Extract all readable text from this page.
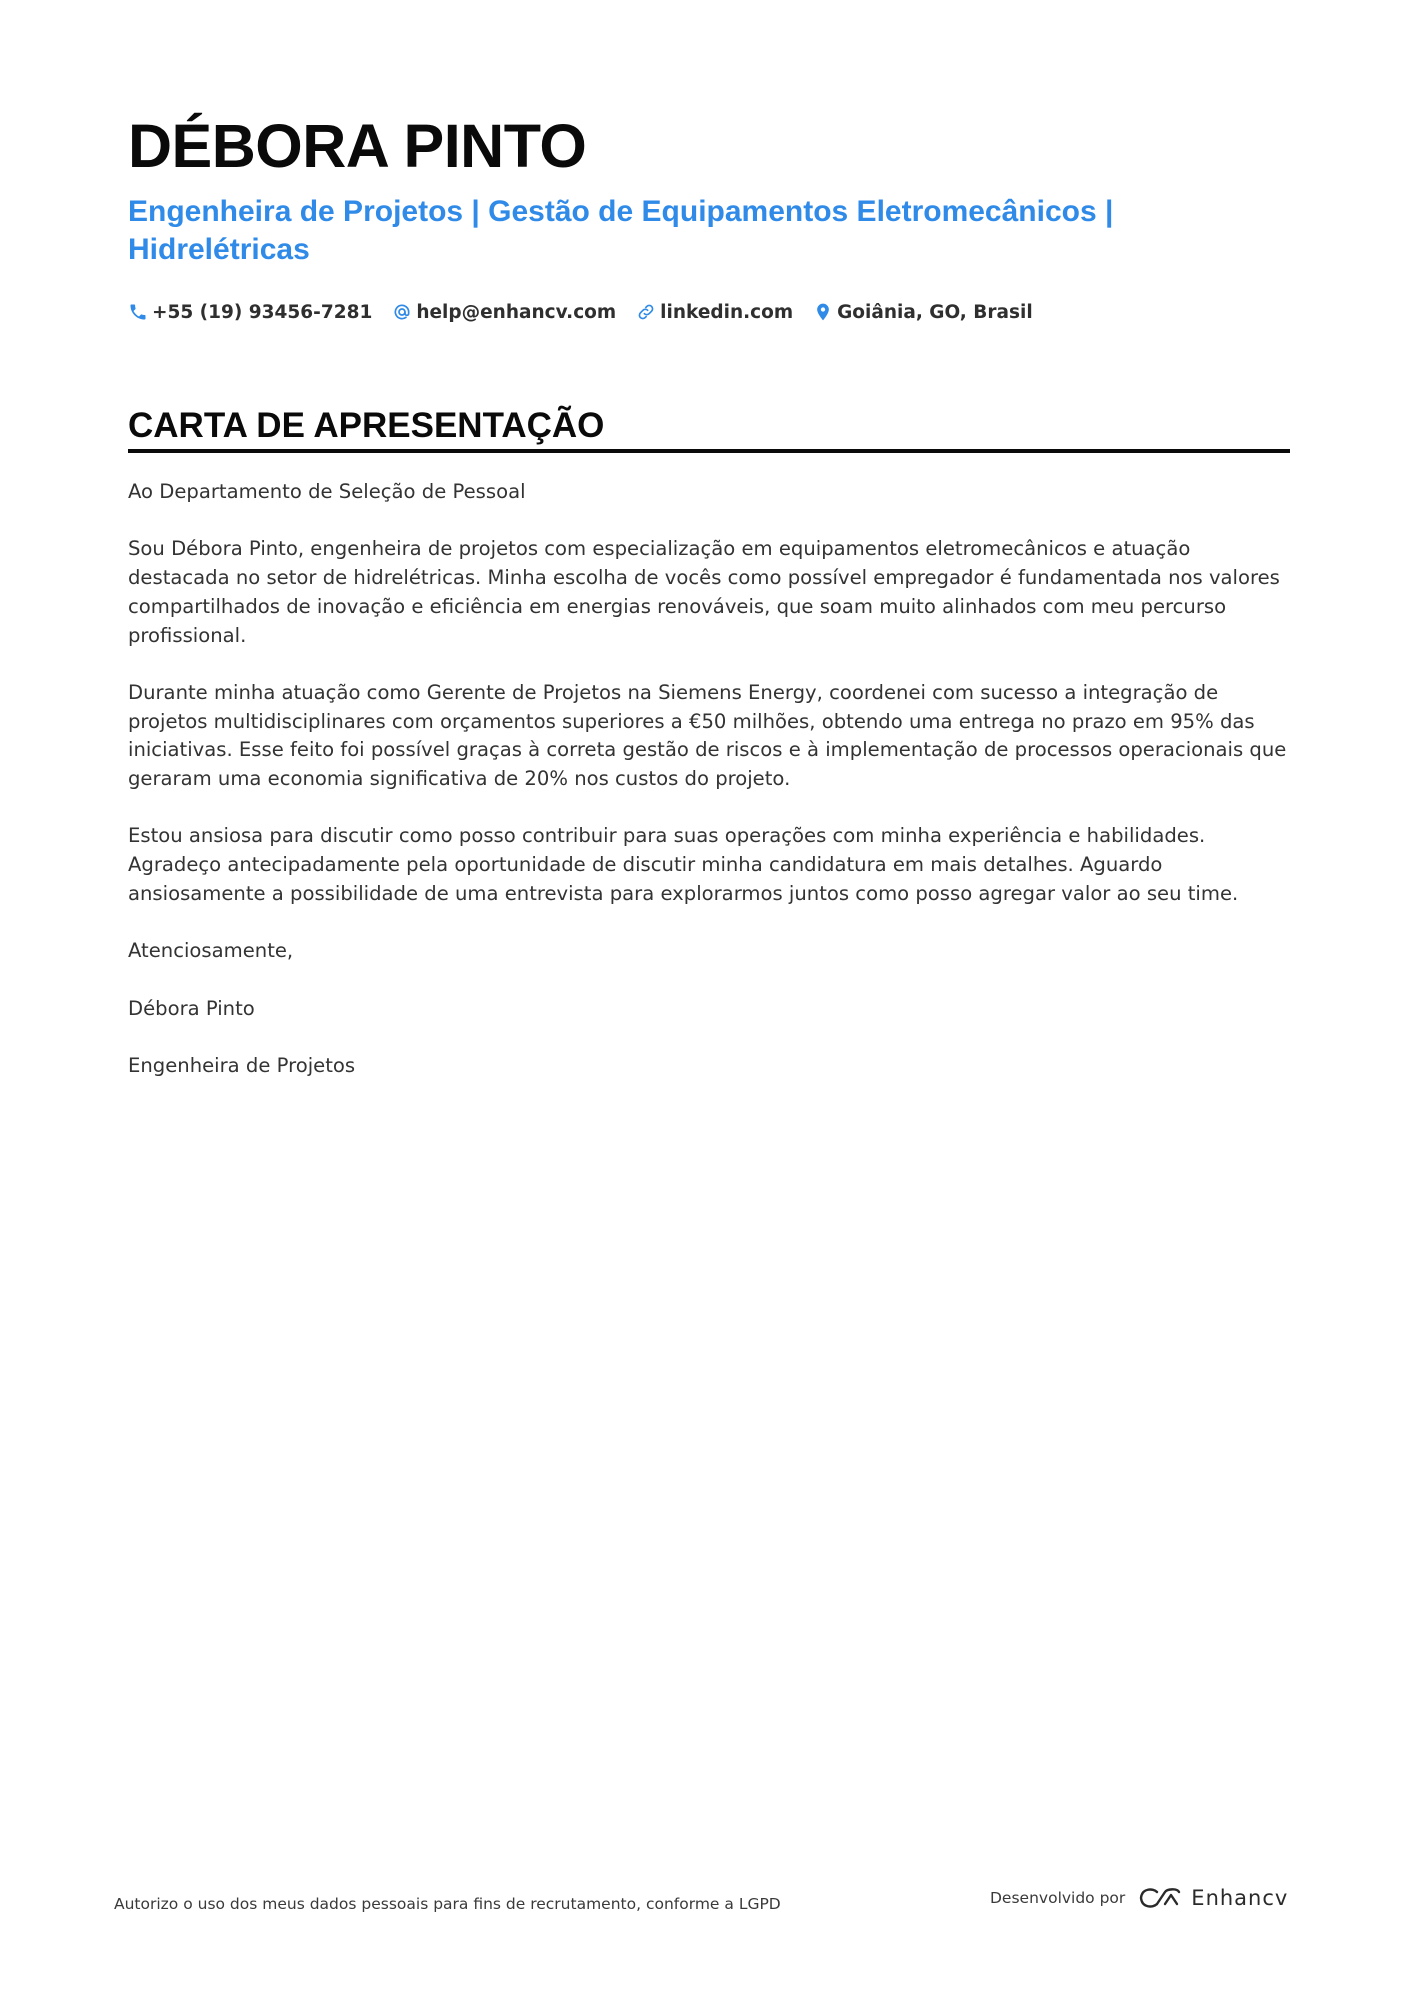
DÉBORA PINTO
Engenheira de Projetos | Gestão de Equipamentos Eletromecânicos | Hidrelétricas
+55 (19) 93456-7281 help@enhancv.com linkedin.com Goiânia, GO, Brasil
CARTA DE APRESENTAÇÃO

Ao Departamento de Seleção de Pessoal

Sou Débora Pinto, engenheira de projetos com especialização em equipamentos eletromecânicos e atuação destacada no setor de hidrelétricas. Minha escolha de vocês como possível empregador é fundamentada nos valores compartilhados de inovação e eficiência em energias renováveis, que soam muito alinhados com meu percurso profissional.

Durante minha atuação como Gerente de Projetos na Siemens Energy, coordenei com sucesso a integração de projetos multidisciplinares com orçamentos superiores a €50 milhões, obtendo uma entrega no prazo em 95% das iniciativas. Esse feito foi possível graças à correta gestão de riscos e à implementação de processos operacionais que geraram uma economia significativa de 20% nos custos do projeto.

Estou ansiosa para discutir como posso contribuir para suas operações com minha experiência e habilidades. Agradeço antecipadamente pela oportunidade de discutir minha candidatura em mais detalhes. Aguardo ansiosamente a possibilidade de uma entrevista para explorarmos juntos como posso agregar valor ao seu time.

Atenciosamente,

Débora Pinto

Engenheira de Projetos

Autorizo o uso dos meus dados pessoais para fins de recrutamento, conforme a LGPD	Desenvolvido por	Enhancv
